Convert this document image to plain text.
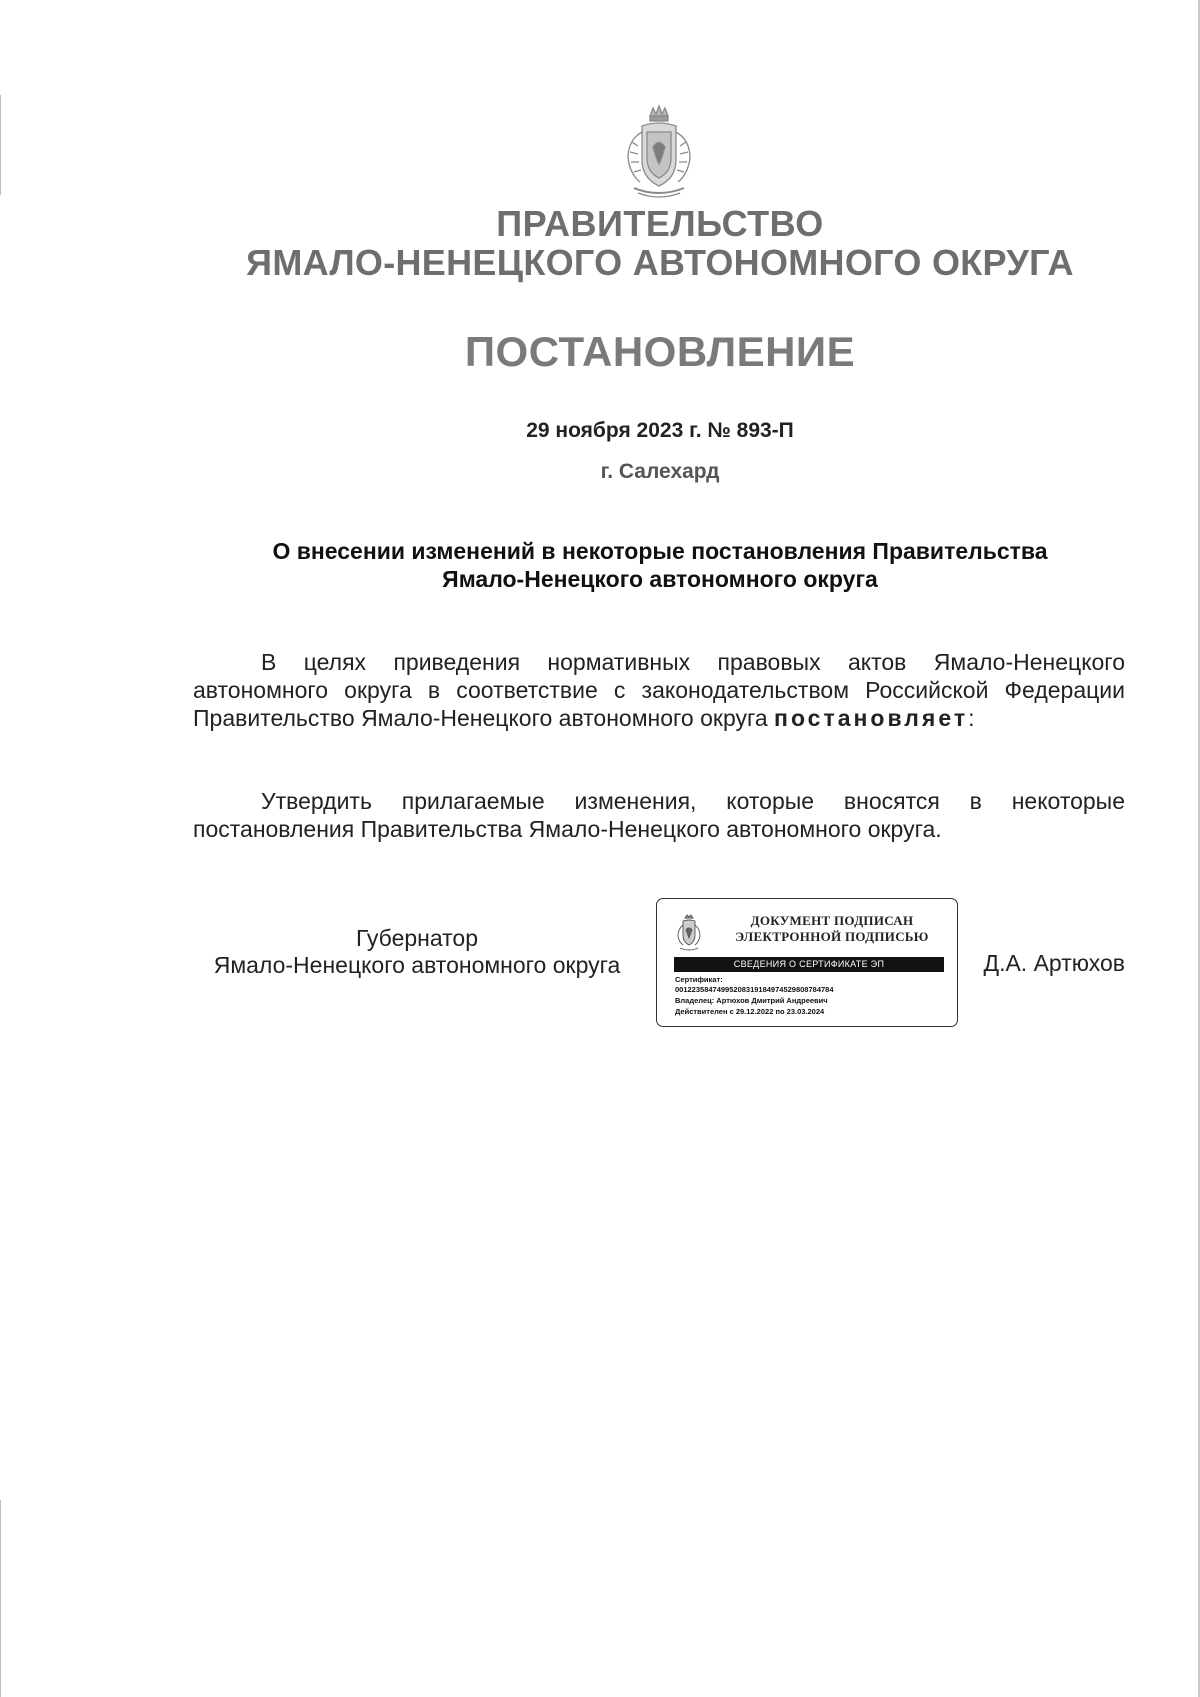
ПРАВИТЕЛЬСТВО
ЯМАЛО-НЕНЕЦКОГО АВТОНОМНОГО ОКРУГА
ПОСТАНОВЛЕНИЕ
29 ноября 2023 г. № 893-П
г. Салехард
О внесении изменений в некоторые постановления Правительства
Ямало-Ненецкого автономного округа
В целях приведения нормативных правовых актов Ямало-Ненецкого автономного округа в соответствие с законодательством Российской Федерации Правительство Ямало-Ненецкого автономного округа постановляет:
Утвердить прилагаемые изменения, которые вносятся в некоторые постановления Правительства Ямало-Ненецкого автономного округа.
Губернатор
Ямало-Ненецкого автономного округа
ДОКУМЕНТ ПОДПИСАН
ЭЛЕКТРОННОЙ ПОДПИСЬЮ
СВЕДЕНИЯ О СЕРТИФИКАТЕ ЭП
Сертификат:
00122358474995208319184974529808784784
Владелец: Артюхов Дмитрий Андреевич
Действителен с 29.12.2022 по 23.03.2024
Д.А. Артюхов
